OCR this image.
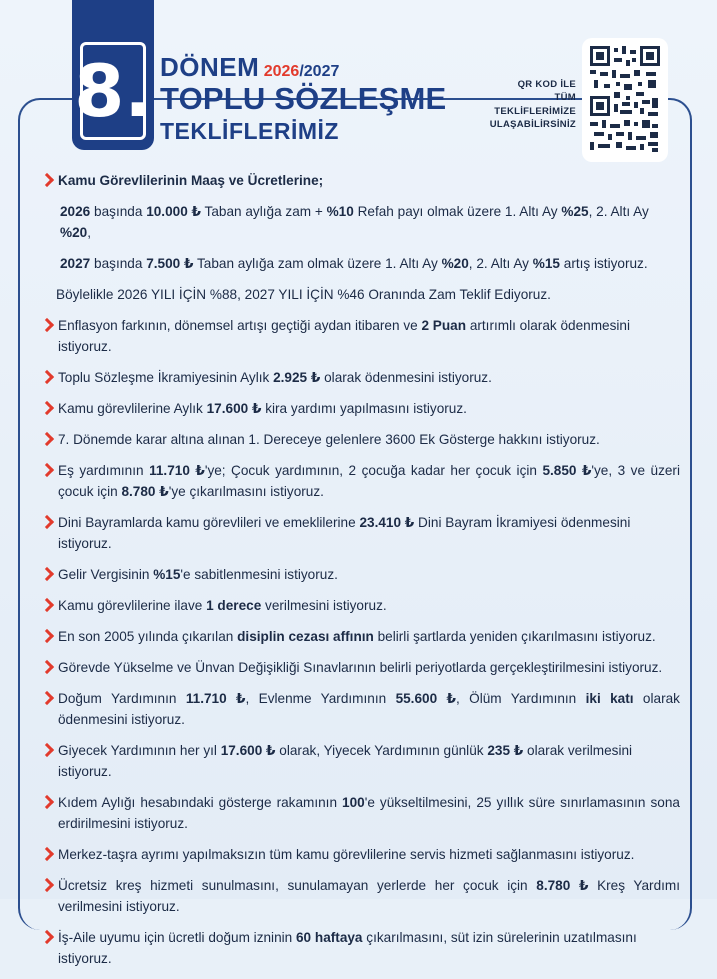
8. DÖNEM 2026/2027
TOPLU SÖZLEŞME
TEKLİFLERİMİZ
QR KOD İLE
TÜM TEKLİFLERİMİZE
ULAŞABİLİRSİNİZ
Kamu Görevlilerinin Maaş ve Ücretlerine;
2026 başında 10.000 ₺ Taban aylığa zam + %10 Refah payı olmak üzere 1. Altı Ay %25, 2. Altı Ay %20,
2027 başında 7.500 ₺ Taban aylığa zam olmak üzere 1. Altı Ay %20, 2. Altı Ay %15 artış istiyoruz.
Böylelikle 2026 YILI İÇİN %88, 2027 YILI İÇİN %46 Oranında Zam Teklif Ediyoruz.
Enflasyon farkının, dönemsel artışı geçtiği aydan itibaren ve 2 Puan artırımlı olarak ödenmesini istiyoruz.
Toplu Sözleşme İkramiyesinin Aylık 2.925 ₺ olarak ödenmesini istiyoruz.
Kamu görevlilerine Aylık 17.600 ₺ kira yardımı yapılmasını istiyoruz.
7. Dönemde karar altına alınan 1. Dereceye gelenlere 3600 Ek Gösterge hakkını istiyoruz.
Eş yardımının 11.710 ₺'ye; Çocuk yardımının, 2 çocuğa kadar her çocuk için 5.850 ₺'ye, 3 ve üzeri çocuk için 8.780 ₺'ye çıkarılmasını istiyoruz.
Dini Bayramlarda kamu görevlileri ve emeklilerine 23.410 ₺ Dini Bayram İkramiyesi ödenmesini istiyoruz.
Gelir Vergisinin %15'e sabitlenmesini istiyoruz.
Kamu görevlilerine ilave 1 derece verilmesini istiyoruz.
En son 2005 yılında çıkarılan disiplin cezası affının belirli şartlarda yeniden çıkarılmasını istiyoruz.
Görevde Yükselme ve Ünvan Değişikliği Sınavlarının belirli periyotlarda gerçekleştirilmesini istiyoruz.
Doğum Yardımının 11.710 ₺, Evlenme Yardımının 55.600 ₺, Ölüm Yardımının iki katı olarak ödenmesini istiyoruz.
Giyecek Yardımının her yıl 17.600 ₺ olarak, Yiyecek Yardımının günlük 235 ₺ olarak verilmesini istiyoruz.
Kıdem Aylığı hesabındaki gösterge rakamının 100'e yükseltilmesini, 25 yıllık süre sınırlamasının sona erdirilmesini istiyoruz.
Merkez-taşra ayrımı yapılmaksızın tüm kamu görevlilerine servis hizmeti sağlanmasını istiyoruz.
Ücretsiz kreş hizmeti sunulmasını, sunulamayan yerlerde her çocuk için 8.780 ₺ Kreş Yardımı verilmesini istiyoruz.
İş-Aile uyumu için ücretli doğum izninin 60 haftaya çıkarılmasını, süt izin sürelerinin uzatılmasını istiyoruz.
